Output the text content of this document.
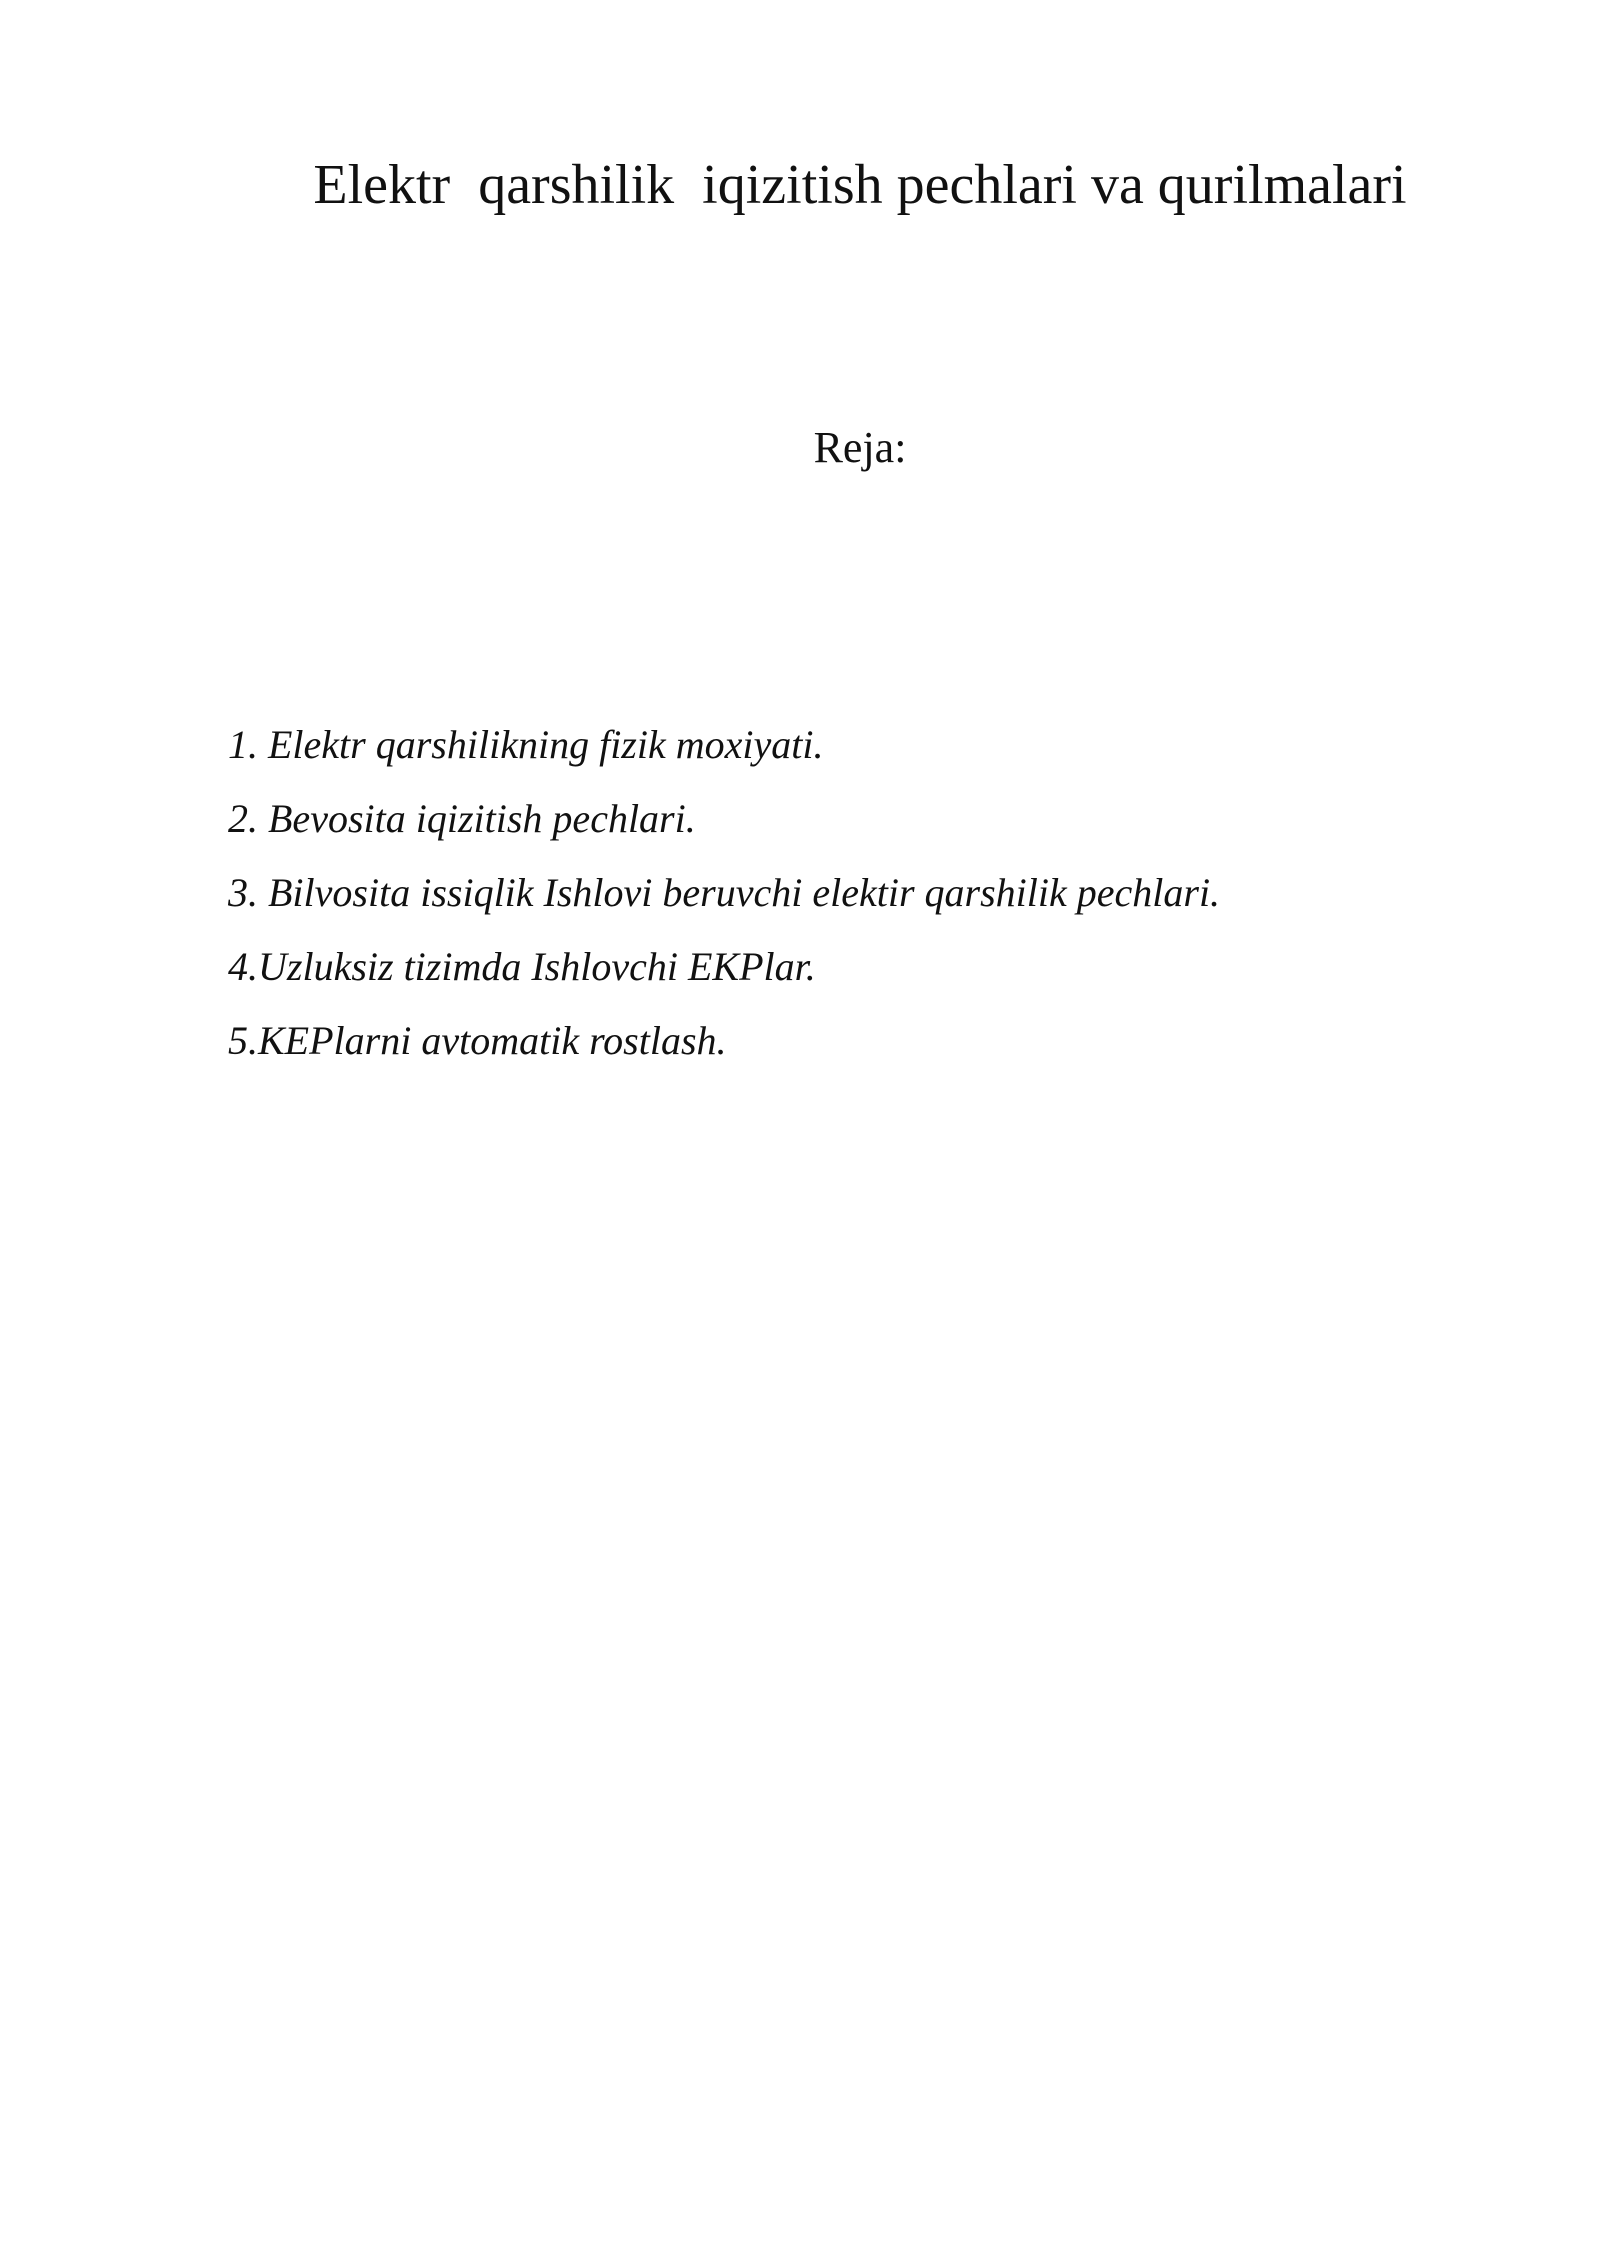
Elektr  qarshilik  iqizitish pechlari va qurilmalari
Reja:
1. Elektr qarshilikning fizik moxiyati.
2. Bevosita iqizitish pechlari.
3. Bilvosita issiqlik Ishlovi beruvchi elektir qarshilik pechlari.
4.Uzluksiz tizimda Ishlovchi EKPlar.
5.KEPlarni avtomatik rostlash.
